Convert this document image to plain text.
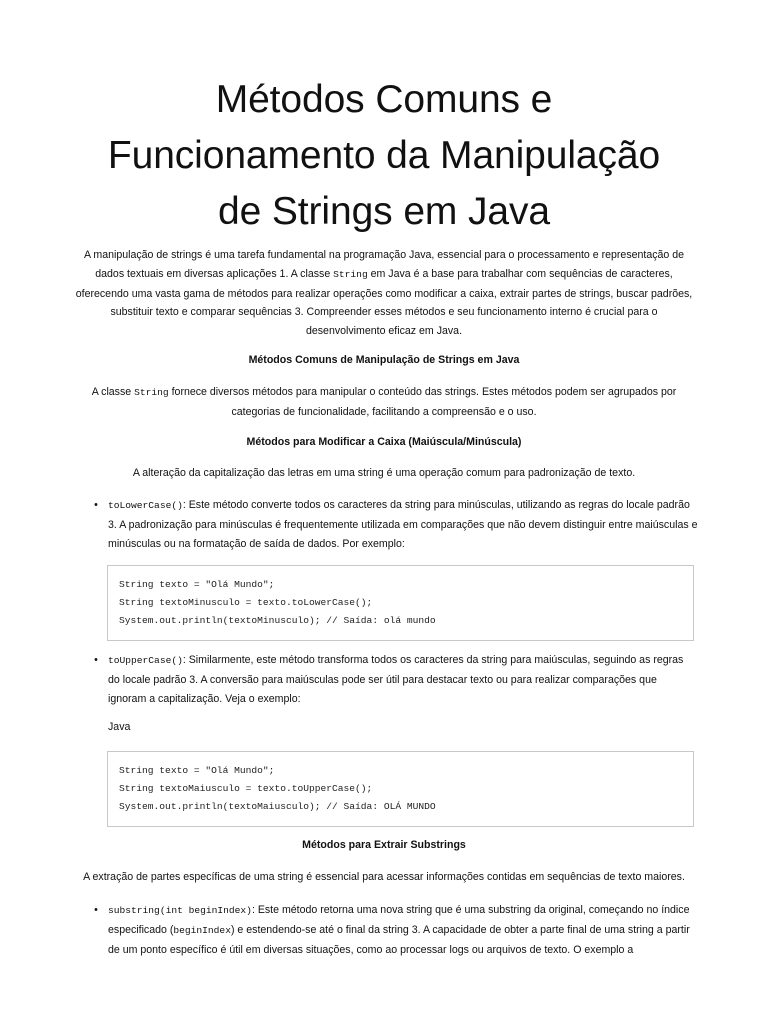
Métodos Comuns e
Funcionamento da Manipulação
de Strings em Java

A manipulação de strings é uma tarefa fundamental na programação Java, essencial para o processamento e representação de dados textuais em diversas aplicações 1. A classe String em Java é a base para trabalhar com sequências de caracteres, oferecendo uma vasta gama de métodos para realizar operações como modificar a caixa, extrair partes de strings, buscar padrões, substituir texto e comparar sequências 3. Compreender esses métodos e seu funcionamento interno é crucial para o desenvolvimento eficaz em Java.

Métodos Comuns de Manipulação de Strings em Java

A classe String fornece diversos métodos para manipular o conteúdo das strings. Estes métodos podem ser agrupados por categorias de funcionalidade, facilitando a compreensão e o uso.

Métodos para Modificar a Caixa (Maiúscula/Minúscula)

A alteração da capitalização das letras em uma string é uma operação comum para padronização de texto.

• toLowerCase(): Este método converte todos os caracteres da string para minúsculas, utilizando as regras do locale padrão 3. A padronização para minúsculas é frequentemente utilizada em comparações que não devem distinguir entre maiúsculas e minúsculas ou na formatação de saída de dados. Por exemplo:
String texto = "Olá Mundo";
String textoMinusculo = texto.toLowerCase();
System.out.println(textoMinusculo); // Saída: olá mundo
• toUpperCase(): Similarmente, este método transforma todos os caracteres da string para maiúsculas, seguindo as regras do locale padrão 3. A conversão para maiúsculas pode ser útil para destacar texto ou para realizar comparações que ignoram a capitalização. Veja o exemplo:
Java
String texto = "Olá Mundo";
String textoMaiusculo = texto.toUpperCase();
System.out.println(textoMaiusculo); // Saída: OLÁ MUNDO

Métodos para Extrair Substrings

A extração de partes específicas de uma string é essencial para acessar informações contidas em sequências de texto maiores.

• substring(int beginIndex): Este método retorna uma nova string que é uma substring da original, começando no índice especificado (beginIndex) e estendendo-se até o final da string 3. A capacidade de obter a parte final de uma string a partir de um ponto específico é útil em diversas situações, como ao processar logs ou arquivos de texto. O exemplo a
